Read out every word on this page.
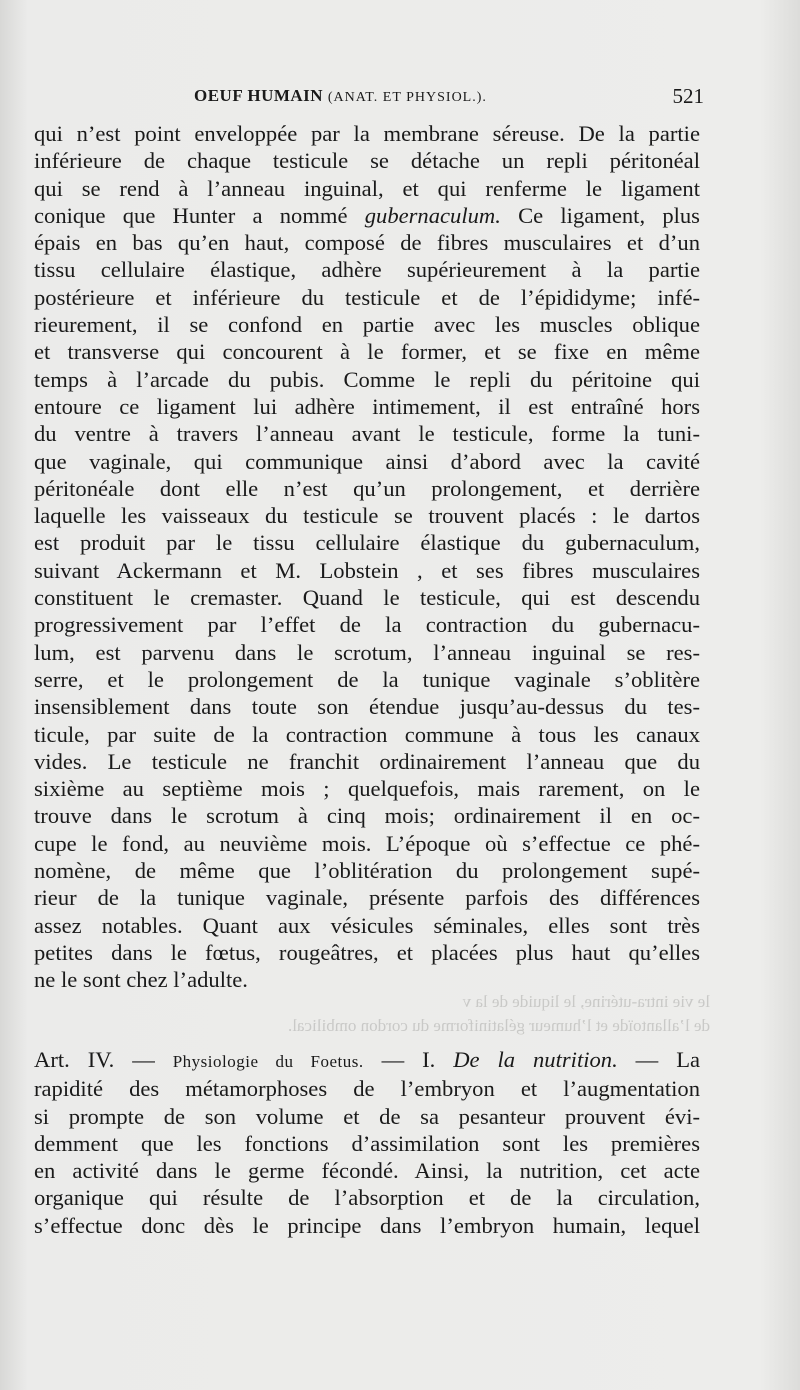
OEUF HUMAIN (ANAT. ET PHYSIOL.).	521
le vie intra-utérine, le liquide de la v
de l’allantoïde et l’humeur gélatiniforme du cordon ombilical.
qui n’est point enveloppée par la membrane séreuse. De la partie
inférieure de chaque testicule se détache un repli péritonéal
qui se rend à l’anneau inguinal, et qui renferme le ligament
conique que Hunter a nommé gubernaculum. Ce ligament, plus
épais en bas qu’en haut, composé de fibres musculaires et d’un
tissu cellulaire élastique, adhère supérieurement à la partie
postérieure et inférieure du testicule et de l’épididyme; infé-
rieurement, il se confond en partie avec les muscles oblique
et transverse qui concourent à le former, et se fixe en même
temps à l’arcade du pubis. Comme le repli du péritoine qui
entoure ce ligament lui adhère intimement, il est entraîné hors
du ventre à travers l’anneau avant le testicule, forme la tuni-
que vaginale, qui communique ainsi d’abord avec la cavité
péritonéale dont elle n’est qu’un prolongement, et derrière
laquelle les vaisseaux du testicule se trouvent placés : le dartos
est produit par le tissu cellulaire élastique du gubernaculum,
suivant Ackermann et M. Lobstein , et ses fibres musculaires
constituent le cremaster. Quand le testicule, qui est descendu
progressivement par l’effet de la contraction du gubernacu-
lum, est parvenu dans le scrotum, l’anneau inguinal se res-
serre, et le prolongement de la tunique vaginale s’oblitère
insensiblement dans toute son étendue jusqu’au-dessus du tes-
ticule, par suite de la contraction commune à tous les canaux
vides. Le testicule ne franchit ordinairement l’anneau que du
sixième au septième mois ; quelquefois, mais rarement, on le
trouve dans le scrotum à cinq mois; ordinairement il en oc-
cupe le fond, au neuvième mois. L’époque où s’effectue ce phé-
nomène, de même que l’oblitération du prolongement supé-
rieur de la tunique vaginale, présente parfois des différences
assez notables. Quant aux vésicules séminales, elles sont très
petites dans le fœtus, rougeâtres, et placées plus haut qu’elles
ne le sont chez l’adulte.
Art. IV. — Physiologie du Foetus. — I. De la nutrition. — La
rapidité des métamorphoses de l’embryon et l’augmentation
si prompte de son volume et de sa pesanteur prouvent évi-
demment que les fonctions d’assimilation sont les premières
en activité dans le germe fécondé. Ainsi, la nutrition, cet acte
organique qui résulte de l’absorption et de la circulation,
s’effectue donc dès le principe dans l’embryon humain, lequel
